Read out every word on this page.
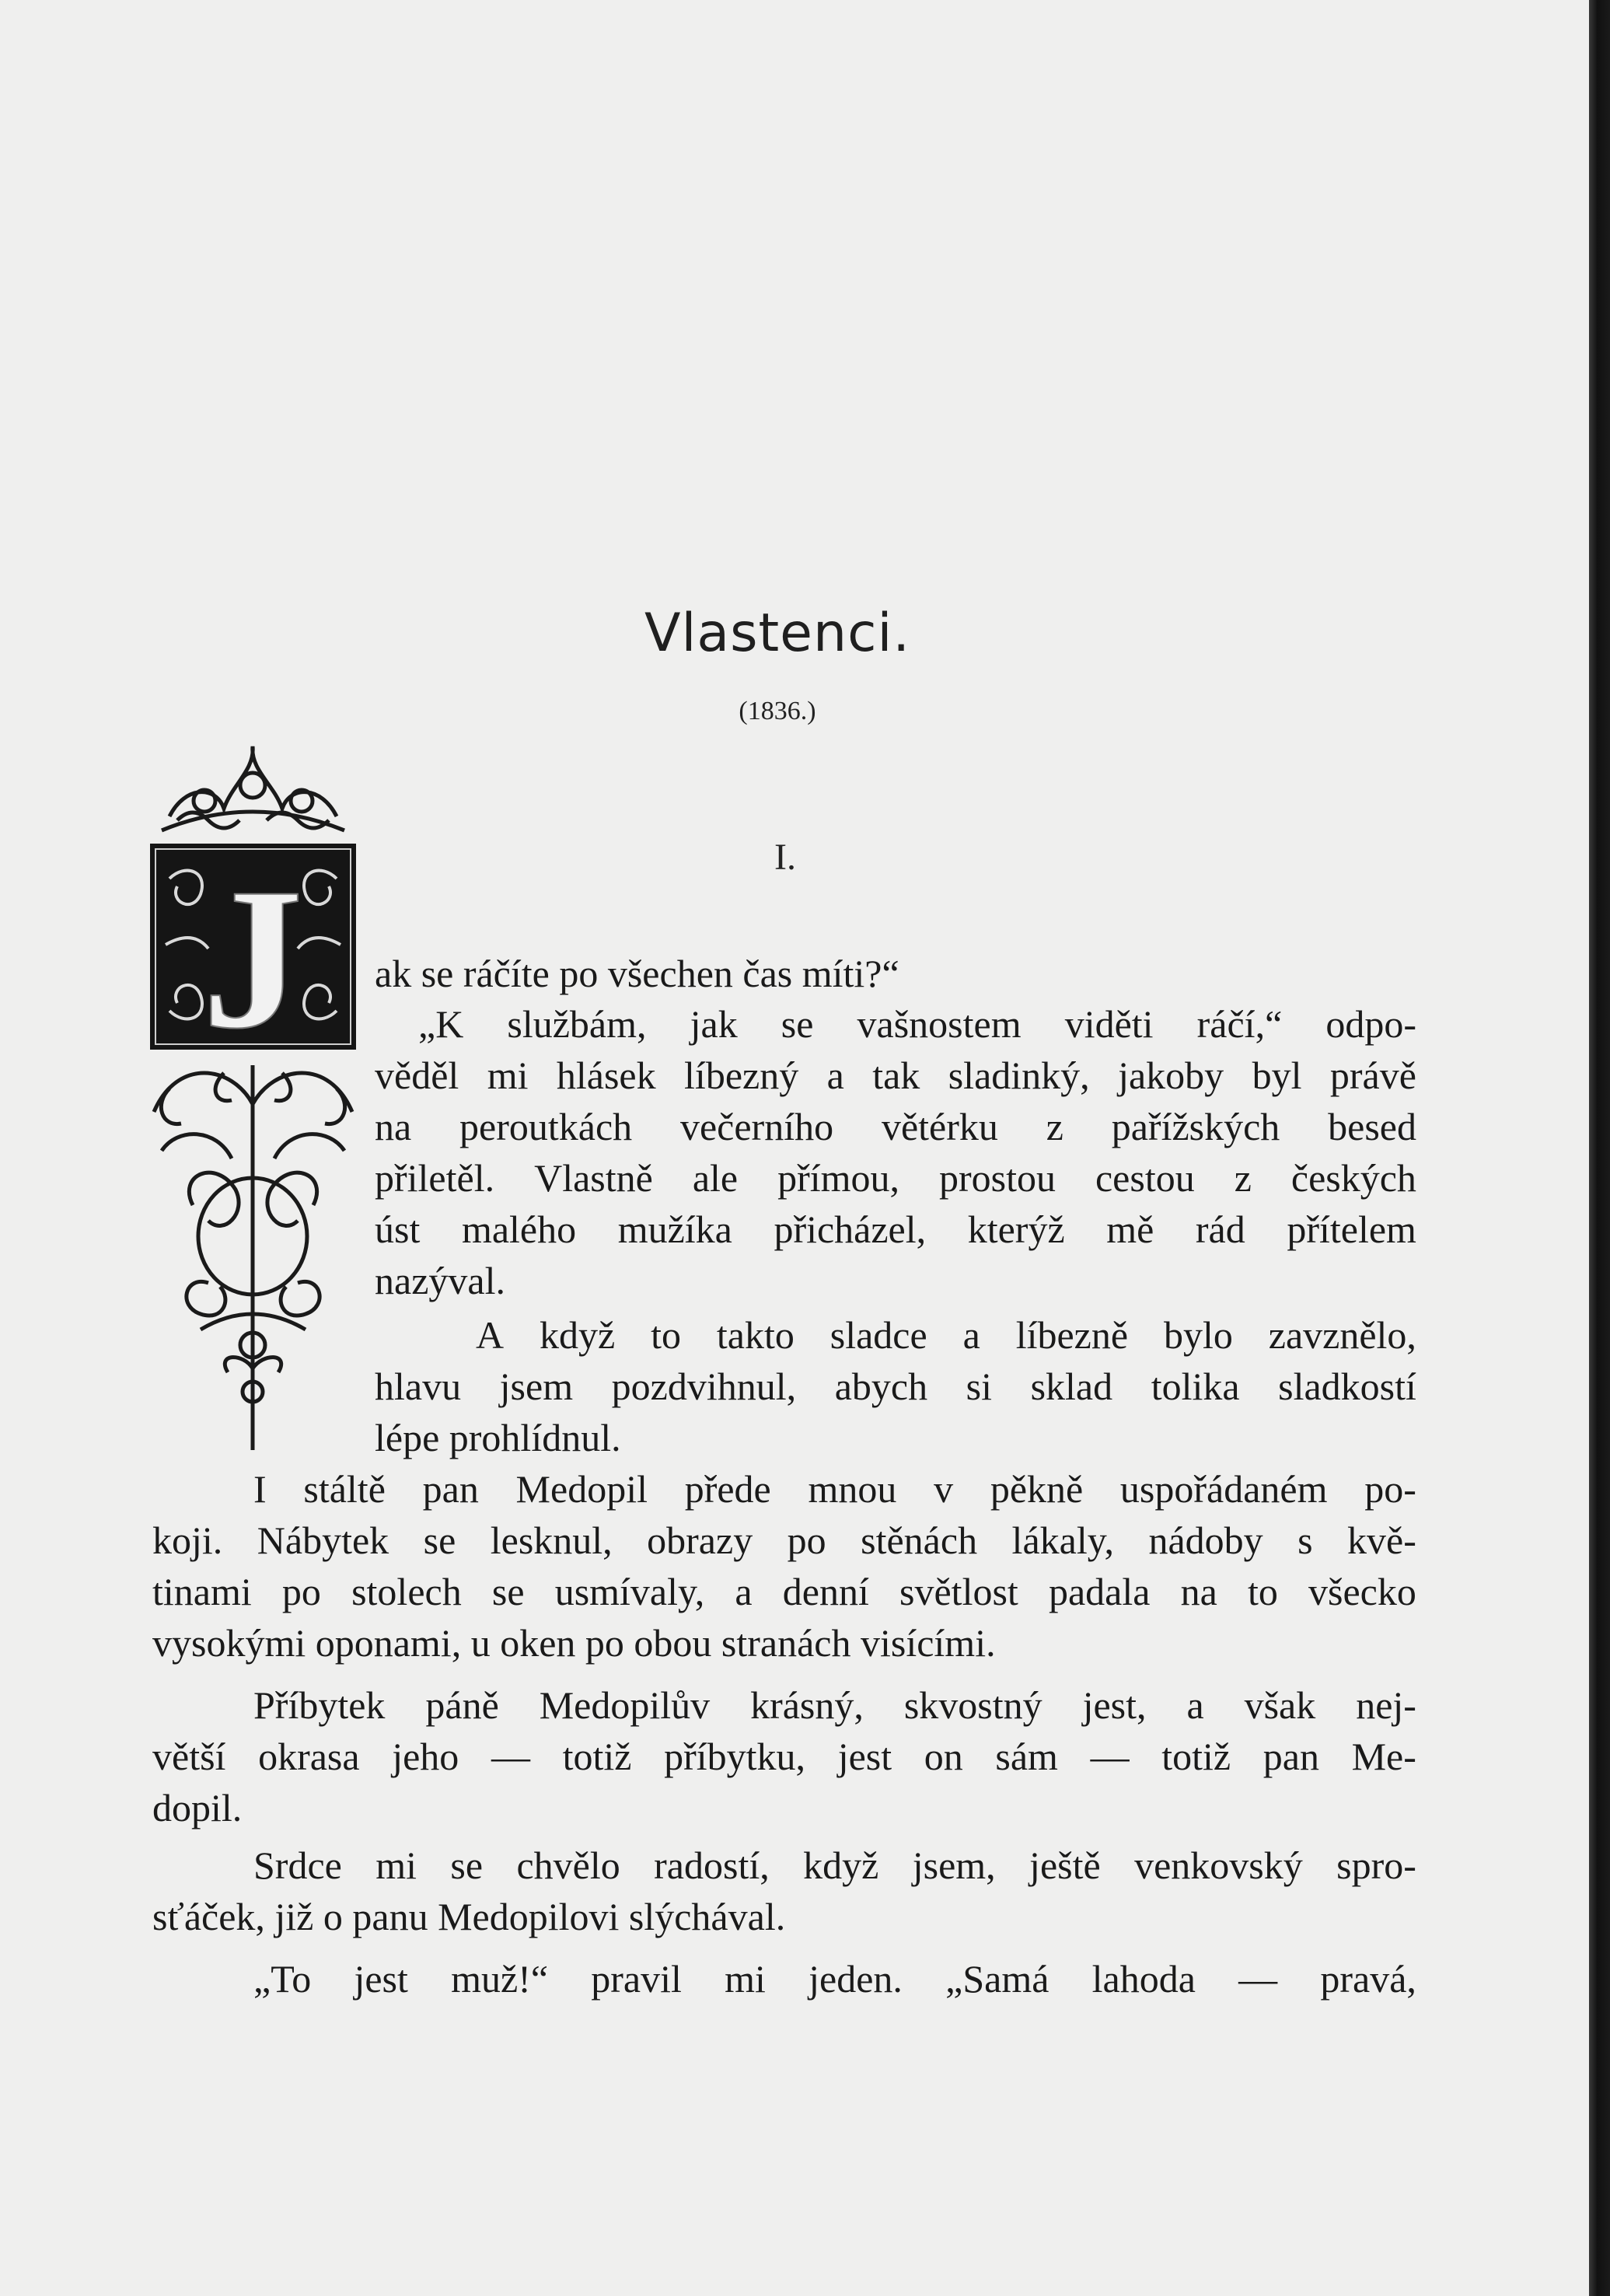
Vlastenci.
(1836.)
I.
J ak se ráčíte po všechen čas míti?“
„K službám, jak se vašnostem viděti ráčí,“ odpo-
věděl mi hlásek líbezný a tak sladinký, jakoby byl právě
na peroutkách večerního větérku z pařížských besed
přiletěl. Vlastně ale přímou, prostou cestou z českých
úst malého mužíka přicházel, kterýž mě rád přítelem
nazýval.
A když to takto sladce a líbezně bylo zavznělo,
hlavu jsem pozdvihnul, abych si sklad tolika sladkostí
lépe prohlídnul.
I stáltě pan Medopil přede mnou v pěkně uspořádaném po-
koji. Nábytek se lesknul, obrazy po stěnách lákaly, nádoby s kvě-
tinami po stolech se usmívaly, a denní světlost padala na to všecko
vysokými oponami, u oken po obou stranách visícími.
Příbytek páně Medopilův krásný, skvostný jest, a však nej-
větší okrasa jeho — totiž příbytku, jest on sám — totiž pan Me-
dopil.
Srdce mi se chvělo radostí, když jsem, ještě venkovský spro-
sťáček, již o panu Medopilovi slýchával.
„To jest muž!“ pravil mi jeden. „Samá lahoda — pravá,
